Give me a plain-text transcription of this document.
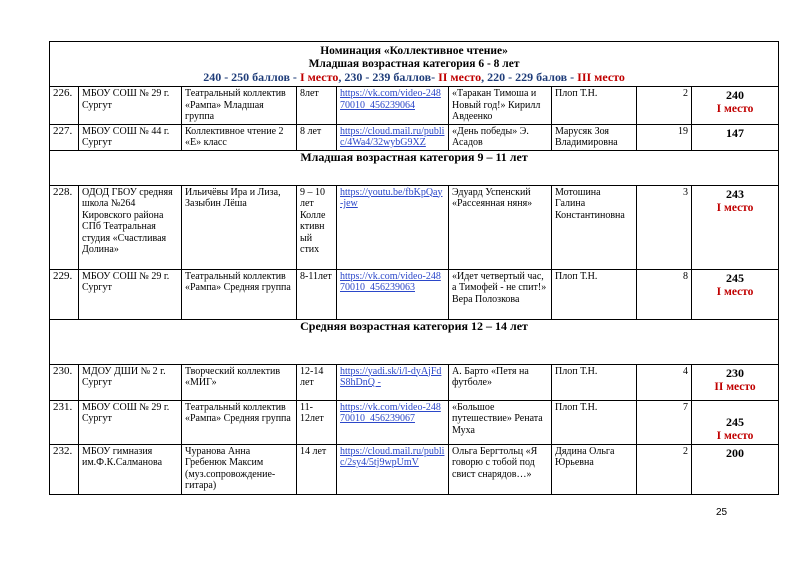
Номинация «Коллективное чтение»
Младшая возрастная категория 6 - 8 лет
240 - 250 баллов - I место, 230 - 239 баллов- II место, 220 - 229 балов - III место								

226.	МБОУ СОШ № 29 г. Сургут	Театральный коллектив «Рампа» Младшая группа	8лет	https://vk.com/video-24870010_456239064	«Таракан Тимоша и Новый год!» Кирилл Авдеенко	Плоп Т.Н.	2	240
I место

227.	МБОУ СОШ № 44 г. Сургут	Коллективное чтение 2 «Е» класс	8 лет	https://cloud.mail.ru/public/4Wa4/32wybG9XZ	«День победы» Э. Асадов	Марусяк Зоя Владимировна	19	147
Младшая возрастная категория 9 – 11 лет								
228.	ОДОД ГБОУ средняя школа №264 Кировского района СПб Театральная студия «Счастливая Долина»	Ильичёвы Ира и Лиза, Зазыбин Лёша	9 – 10 лет Колле ктивн ый стих	https://youtu.be/fbKpQay-jew	Эдуард Успенский «Рассеянная няня»	Мотошина Галина Константиновна	3	243
I место

229.	МБОУ СОШ № 29 г. Сургут	Театральный коллектив «Рампа» Средняя группа	8-11лет	https://vk.com/video-24870010_456239063	«Идет четвертый час, а Тимофей - не спит!» Вера Полозкова	Плоп Т.Н.	8	245
I место

Средняя возрастная категория 12 – 14 лет								
230.	МДОУ ДШИ № 2 г. Сургут	Творческий коллектив «МИГ»	12-14 лет	https://yadi.sk/i/l-dyAjFdS8hDnQ -	А. Барто «Петя на футболе»	Плоп Т.Н.	4	230
II место

231.	МБОУ СОШ № 29 г. Сургут	Театральный коллектив «Рампа» Средняя группа	11-12лет	https://vk.com/video-24870010_456239067	«Большое путешествие» Рената Муха	Плоп Т.Н.	7	245
I место

232.	МБОУ гимназия им.Ф.К.Салманова	Чуранова Анна Гребенюк Максим (муз.сопровождение-гитара)	14 лет	https://cloud.mail.ru/public/2sy4/5tj9wpUmV	Ольга Бергтольц «Я говорю с тобой под свист снарядов…»	Дядина Ольга Юрьевна	2	200
25
